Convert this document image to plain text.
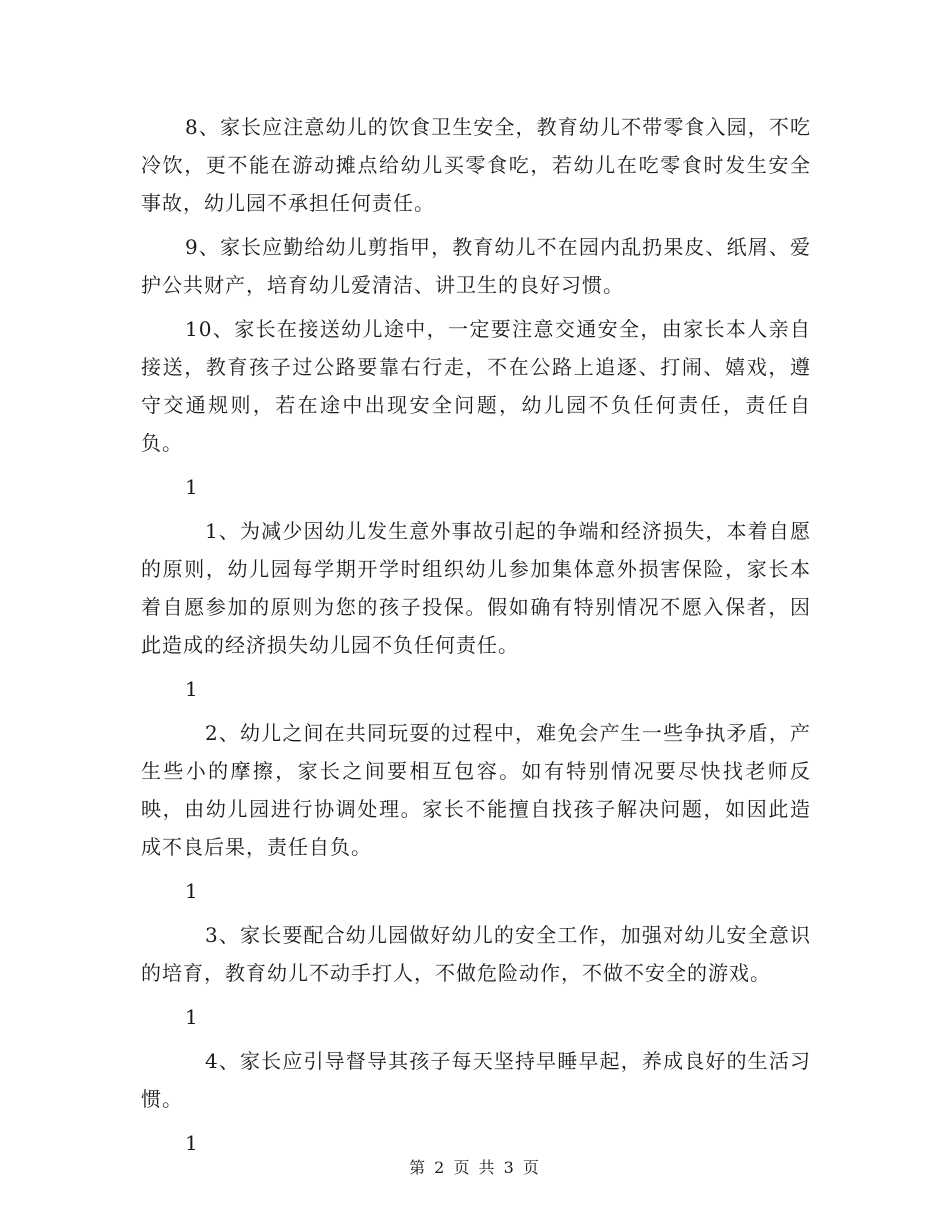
8、家长应注意幼儿的饮食卫生安全，教育幼儿不带零食入园，不吃冷饮，更不能在游动摊点给幼儿买零食吃，若幼儿在吃零食时发生安全事故，幼儿园不承担任何责任。

9、家长应勤给幼儿剪指甲，教育幼儿不在园内乱扔果皮、纸屑、爱护公共财产，培育幼儿爱清洁、讲卫生的良好习惯。

10、家长在接送幼儿途中，一定要注意交通安全，由家长本人亲自接送，教育孩子过公路要靠右行走，不在公路上追逐、打闹、嬉戏，遵守交通规则，若在途中出现安全问题，幼儿园不负任何责任，责任自负。

1

1、为减少因幼儿发生意外事故引起的争端和经济损失，本着自愿的原则，幼儿园每学期开学时组织幼儿参加集体意外损害保险，家长本着自愿参加的原则为您的孩子投保。假如确有特别情况不愿入保者，因此造成的经济损失幼儿园不负任何责任。

1

2、幼儿之间在共同玩耍的过程中，难免会产生一些争执矛盾，产生些小的摩擦，家长之间要相互包容。如有特别情况要尽快找老师反映，由幼儿园进行协调处理。家长不能擅自找孩子解决问题，如因此造成不良后果，责任自负。

1

3、家长要配合幼儿园做好幼儿的安全工作，加强对幼儿安全意识的培育，教育幼儿不动手打人，不做危险动作，不做不安全的游戏。

1

4、家长应引导督导其孩子每天坚持早睡早起，养成良好的生活习惯。

1

第 2 页 共 3 页
